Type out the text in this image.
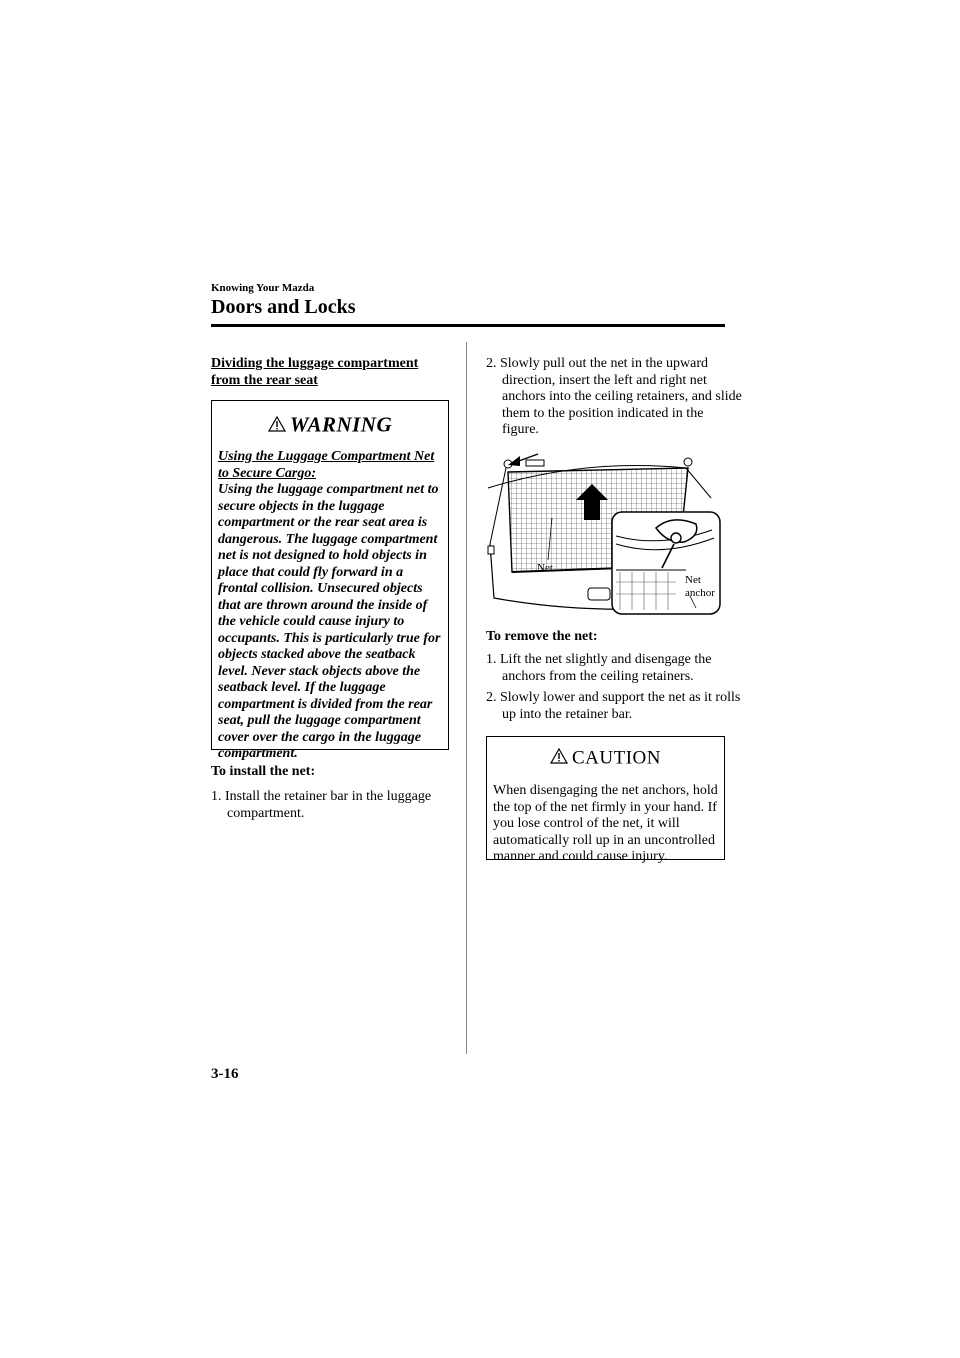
Knowing Your Mazda
Doors and Locks
Dividing the luggage compartment from the rear seat
WARNING
Using the Luggage Compartment Net to Secure Cargo:
Using the luggage compartment net to secure objects in the luggage compartment or the rear seat area is dangerous. The luggage compartment net is not designed to hold objects in place that could fly forward in a frontal collision. Unsecured objects that are thrown around the inside of the vehicle could cause injury to occupants. This is particularly true for objects stacked above the seatback level. Never stack objects above the seatback level. If the luggage compartment is divided from the rear seat, pull the luggage compartment cover over the cargo in the luggage compartment.
To install the net:
1. Install the retainer bar in the luggage compartment.
2. Slowly pull out the net in the upward direction, insert the left and right net anchors into the ceiling retainers, and slide them to the position indicated in the figure.
Net
Net
anchor
To remove the net:
1. Lift the net slightly and disengage the anchors from the ceiling retainers.
2. Slowly lower and support the net as it rolls up into the retainer bar.
CAUTION
When disengaging the net anchors, hold the top of the net firmly in your hand. If you lose control of the net, it will automatically roll up in an uncontrolled manner and could cause injury.
3-16
